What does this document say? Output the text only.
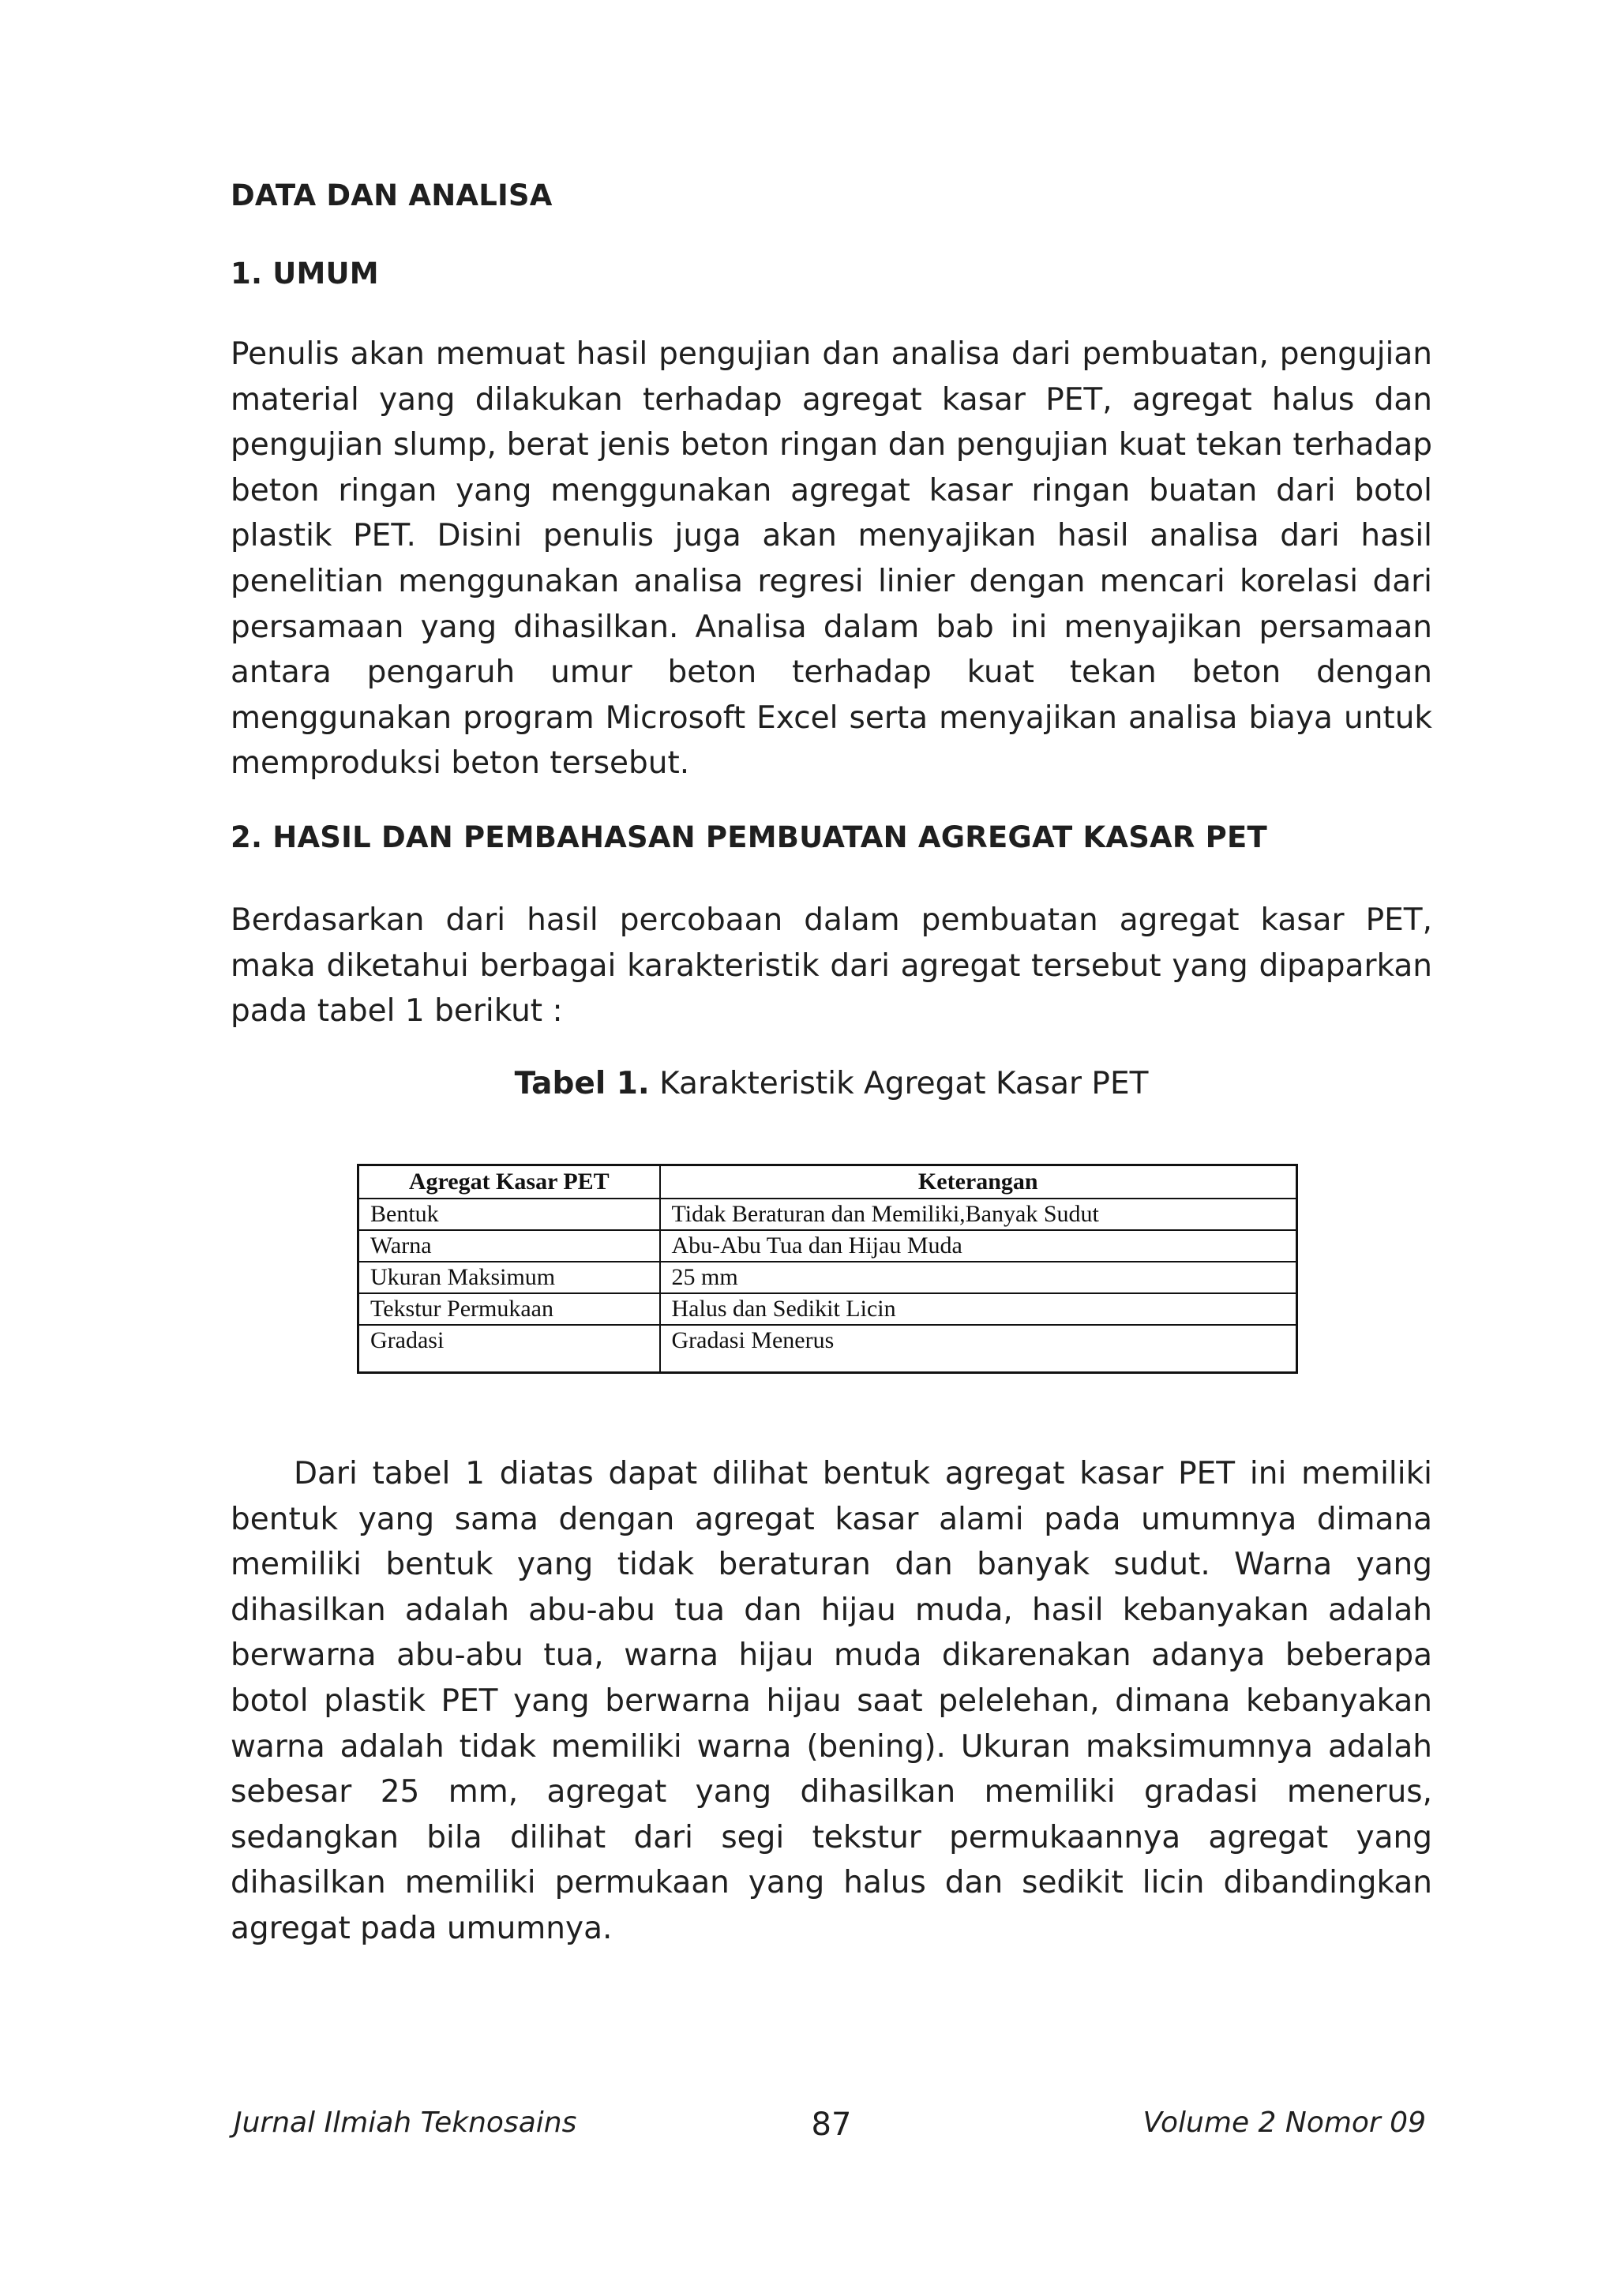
DATA DAN ANALISA
1. UMUM

Penulis akan memuat hasil pengujian dan analisa dari pembuatan, pengujian material yang dilakukan terhadap agregat kasar PET, agregat halus dan pengujian slump, berat jenis beton ringan dan pengujian kuat tekan terhadap beton ringan yang menggunakan agregat kasar ringan buatan dari botol plastik PET. Disini penulis juga akan menyajikan hasil analisa dari hasil penelitian menggunakan analisa regresi linier dengan mencari korelasi dari persamaan yang dihasilkan. Analisa dalam bab ini menyajikan persamaan antara pengaruh umur beton terhadap kuat tekan beton dengan menggunakan program Microsoft Excel serta menyajikan analisa biaya untuk memproduksi beton tersebut.

2. HASIL DAN PEMBAHASAN PEMBUATAN AGREGAT KASAR PET

Berdasarkan dari hasil percobaan dalam pembuatan agregat kasar PET, maka diketahui berbagai karakteristik dari agregat tersebut yang dipaparkan pada tabel 1 berikut :

Tabel 1. Karakteristik Agregat Kasar PET
Agregat Kasar PET	Keterangan
Bentuk	Tidak Beraturan dan Memiliki,Banyak Sudut
Warna	Abu-Abu Tua dan Hijau Muda
Ukuran Maksimum	25 mm
Tekstur Permukaan	Halus dan Sedikit Licin
Gradasi	Gradasi Menerus

Dari tabel 1 diatas dapat dilihat bentuk agregat kasar PET ini memiliki bentuk yang sama dengan agregat kasar alami pada umumnya dimana memiliki bentuk yang tidak beraturan dan banyak sudut. Warna yang dihasilkan adalah abu-abu tua dan hijau muda, hasil kebanyakan adalah berwarna abu-abu tua, warna hijau muda dikarenakan adanya beberapa botol plastik PET yang berwarna hijau saat pelelehan, dimana kebanyakan warna adalah tidak memiliki warna (bening). Ukuran maksimumnya adalah sebesar 25 mm, agregat yang dihasilkan memiliki gradasi menerus, sedangkan bila dilihat dari segi tekstur permukaannya agregat yang dihasilkan memiliki permukaan yang halus dan sedikit licin dibandingkan agregat pada umumnya.

Jurnal Ilmiah Teknosains	87	Volume 2 Nomor 09
